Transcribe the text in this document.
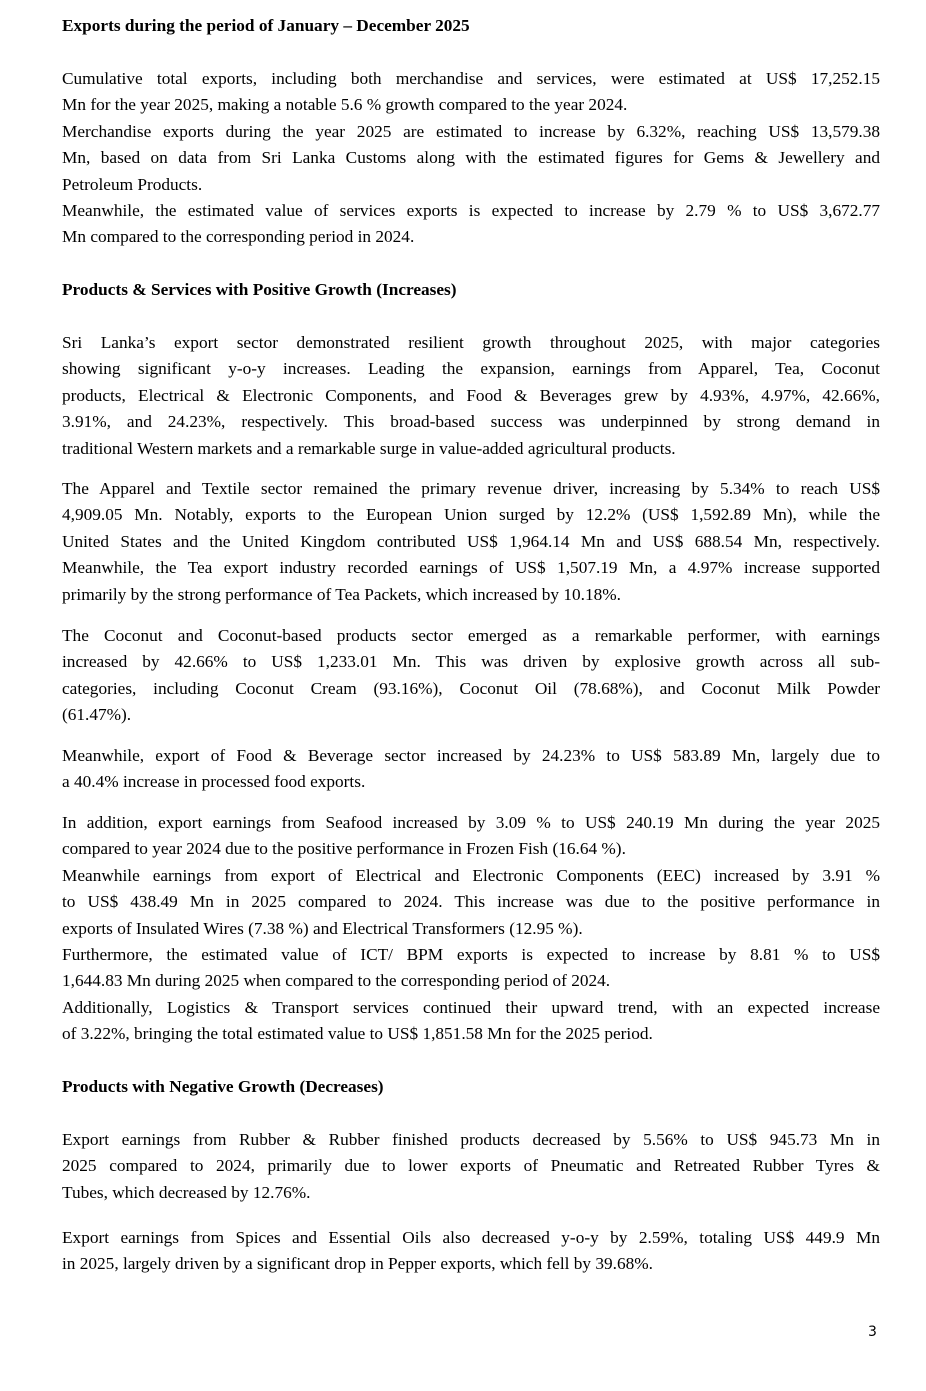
Exports during the period of January – December 2025
Cumulative total exports, including both merchandise and services, were estimated at US$ 17,252.15
Mn for the year 2025, making a notable 5.6 % growth compared to the year 2024.
Merchandise exports during the year 2025 are estimated to increase by 6.32%, reaching US$ 13,579.38
Mn, based on data from Sri Lanka Customs along with the estimated figures for Gems & Jewellery and
Petroleum Products.
Meanwhile, the estimated value of services exports is expected to increase by 2.79 % to US$ 3,672.77
Mn compared to the corresponding period in 2024.
Products & Services with Positive Growth (Increases)
Sri Lanka’s export sector demonstrated resilient growth throughout 2025, with major categories
showing significant y-o-y increases. Leading the expansion, earnings from Apparel, Tea, Coconut
products, Electrical & Electronic Components, and Food & Beverages grew by 4.93%, 4.97%, 42.66%,
3.91%, and 24.23%, respectively. This broad-based success was underpinned by strong demand in
traditional Western markets and a remarkable surge in value-added agricultural products.
The Apparel and Textile sector remained the primary revenue driver, increasing by 5.34% to reach US$
4,909.05 Mn. Notably, exports to the European Union surged by 12.2% (US$ 1,592.89 Mn), while the
United States and the United Kingdom contributed US$ 1,964.14 Mn and US$ 688.54 Mn, respectively.
Meanwhile, the Tea export industry recorded earnings of US$ 1,507.19 Mn, a 4.97% increase supported
primarily by the strong performance of Tea Packets, which increased by 10.18%.
The Coconut and Coconut-based products sector emerged as a remarkable performer, with earnings
increased by 42.66% to US$ 1,233.01 Mn. This was driven by explosive growth across all sub-
categories, including Coconut Cream (93.16%), Coconut Oil (78.68%), and Coconut Milk Powder
(61.47%).
Meanwhile, export of Food & Beverage sector increased by 24.23% to US$ 583.89 Mn, largely due to
a 40.4% increase in processed food exports.
In addition, export earnings from Seafood increased by 3.09 % to US$ 240.19 Mn during the year 2025
compared to year 2024 due to the positive performance in Frozen Fish (16.64 %).
Meanwhile earnings from export of Electrical and Electronic Components (EEC) increased by 3.91 %
to US$ 438.49 Mn in 2025 compared to 2024. This increase was due to the positive performance in
exports of Insulated Wires (7.38 %) and Electrical Transformers (12.95 %).
Furthermore, the estimated value of ICT/ BPM exports is expected to increase by 8.81 % to US$
1,644.83 Mn during 2025 when compared to the corresponding period of 2024.
Additionally, Logistics & Transport services continued their upward trend, with an expected increase
of 3.22%, bringing the total estimated value to US$ 1,851.58 Mn for the 2025 period.
Products with Negative Growth (Decreases)
Export earnings from Rubber & Rubber finished products decreased by 5.56% to US$ 945.73 Mn in
2025 compared to 2024, primarily due to lower exports of Pneumatic and Retreated Rubber Tyres &
Tubes, which decreased by 12.76%.
Export earnings from Spices and Essential Oils also decreased y-o-y by 2.59%, totaling US$ 449.9 Mn
in 2025, largely driven by a significant drop in Pepper exports, which fell by 39.68%.
3
